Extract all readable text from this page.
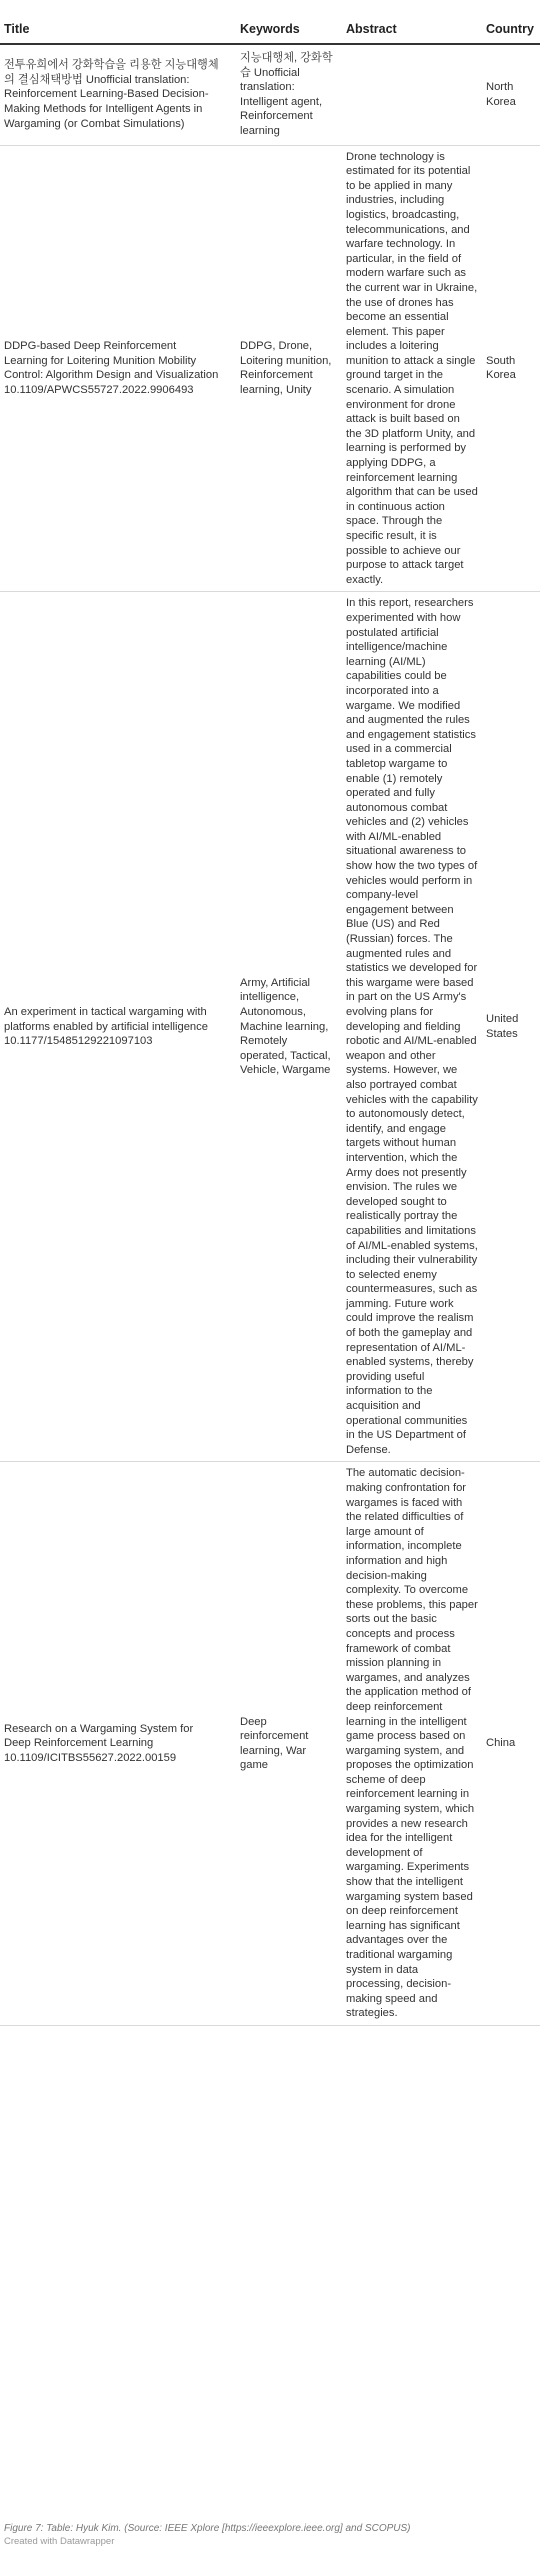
Title	Keywords	Abstract	Country
전투유희에서 강화학습을 리용한 지능대행체의 결심채택방법 Unofficial translation: Reinforcement Learning-Based Decision-Making Methods for Intelligent Agents in Wargaming (or Combat Simulations)	지능대행체, 강화학습 Unofficial translation: Intelligent agent, Reinforcement learning		North Korea
DDPG-based Deep Reinforcement Learning for Loitering Munition Mobility Control: Algorithm Design and Visualization 10.1109/APWCS55727.2022.9906493	DDPG, Drone, Loitering munition, Reinforcement learning, Unity	Drone technology is estimated for its potential to be applied in many industries, including logistics, broadcasting, telecommunications, and warfare technology. In particular, in the field of modern warfare such as the current war in Ukraine, the use of drones has become an essential element. This paper includes a loitering munition to attack a single ground target in the scenario. A simulation environment for drone attack is built based on the 3D platform Unity, and learning is performed by applying DDPG, a reinforcement learning algorithm that can be used in continuous action space. Through the specific result, it is possible to achieve our purpose to attack target exactly.	South Korea
An experiment in tactical wargaming with platforms enabled by artificial intelligence 10.1177/15485129221097103	Army, Artificial intelligence, Autonomous, Machine learning, Remotely operated, Tactical, Vehicle, Wargame	In this report, researchers experimented with how postulated artificial intelligence/machine learning (AI/ML) capabilities could be incorporated into a wargame. We modified and augmented the rules and engagement statistics used in a commercial tabletop wargame to enable (1) remotely operated and fully autonomous combat vehicles and (2) vehicles with AI/ML-enabled situational awareness to show how the two types of vehicles would perform in company-level engagement between Blue (US) and Red (Russian) forces. The augmented rules and statistics we developed for this wargame were based in part on the US Army's evolving plans for developing and fielding robotic and AI/ML-enabled weapon and other systems. However, we also portrayed combat vehicles with the capability to autonomously detect, identify, and engage targets without human intervention, which the Army does not presently envision. The rules we developed sought to realistically portray the capabilities and limitations of AI/ML-enabled systems, including their vulnerability to selected enemy countermeasures, such as jamming. Future work could improve the realism of both the gameplay and representation of AI/ML-enabled systems, thereby providing useful information to the acquisition and operational communities in the US Department of Defense.	United States
Research on a Wargaming System for Deep Reinforcement Learning 10.1109/ICITBS55627.2022.00159	Deep reinforcement learning, War game	The automatic decision-making confrontation for wargames is faced with the related difficulties of large amount of information, incomplete information and high decision-making complexity. To overcome these problems, this paper sorts out the basic concepts and process framework of combat mission planning in wargames, and analyzes the application method of deep reinforcement learning in the intelligent game process based on wargaming system, and proposes the optimization scheme of deep reinforcement learning in wargaming system, which provides a new research idea for the intelligent development of wargaming. Experiments show that the intelligent wargaming system based on deep reinforcement learning has significant advantages over the traditional wargaming system in data processing, decision-making speed and strategies.	China
Figure 7: Table: Hyuk Kim. (Source: IEEE Xplore [https://ieeexplore.ieee.org] and SCOPUS)
Created with Datawrapper
